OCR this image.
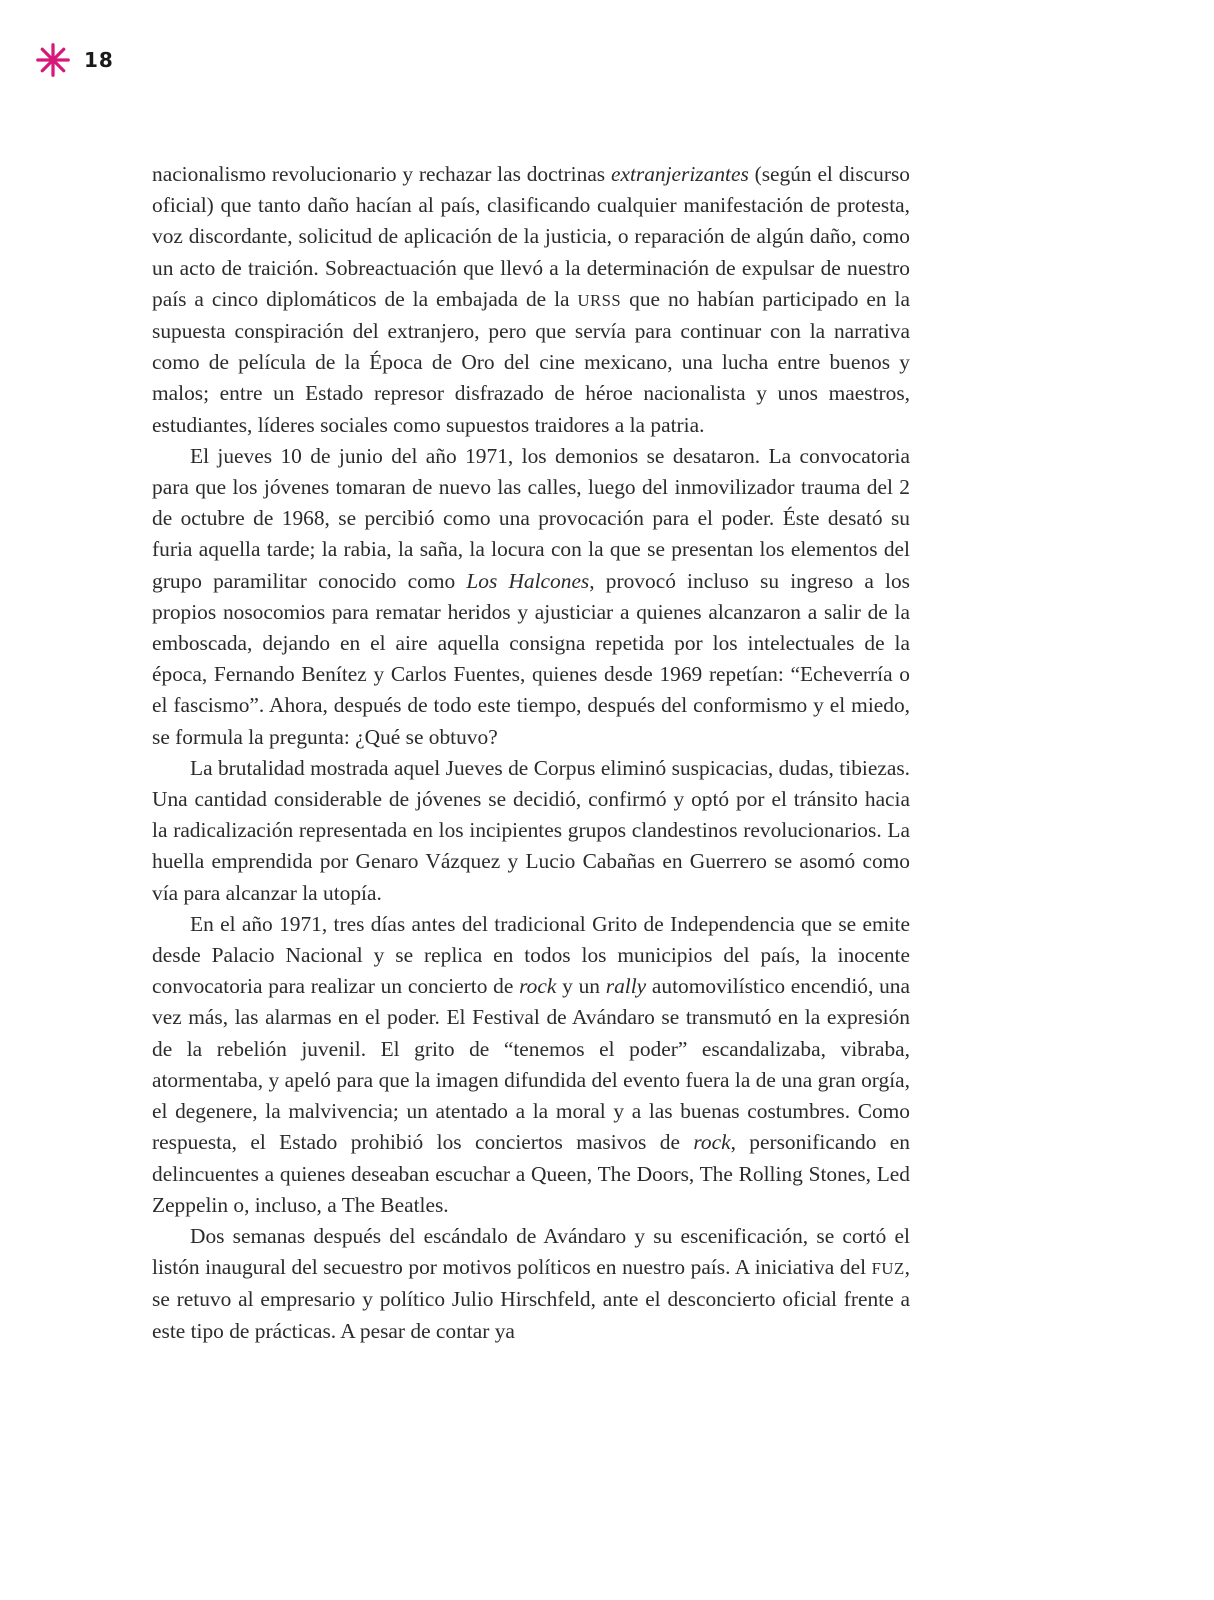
18

nacionalismo revolucionario y rechazar las doctrinas extranjerizantes (según el discurso oficial) que tanto daño hacían al país, clasificando cualquier manifestación de protesta, voz discordante, solicitud de aplicación de la justicia, o reparación de algún daño, como un acto de traición. Sobreactuación que llevó a la determinación de expulsar de nuestro país a cinco diplomáticos de la embajada de la URSS que no habían participado en la supuesta conspiración del extranjero, pero que servía para continuar con la narrativa como de película de la Época de Oro del cine mexicano, una lucha entre buenos y malos; entre un Estado represor disfrazado de héroe nacionalista y unos maestros, estudiantes, líderes sociales como supuestos traidores a la patria.

El jueves 10 de junio del año 1971, los demonios se desataron. La convocatoria para que los jóvenes tomaran de nuevo las calles, luego del inmovilizador trauma del 2 de octubre de 1968, se percibió como una provocación para el poder. Éste desató su furia aquella tarde; la rabia, la saña, la locura con la que se presentan los elementos del grupo paramilitar conocido como Los Halcones, provocó incluso su ingreso a los propios nosocomios para rematar heridos y ajusticiar a quienes alcanzaron a salir de la emboscada, dejando en el aire aquella consigna repetida por los intelectuales de la época, Fernando Benítez y Carlos Fuentes, quienes desde 1969 repetían: “Echeverría o el fascismo”. Ahora, después de todo este tiempo, después del conformismo y el miedo, se formula la pregunta: ¿Qué se obtuvo?

La brutalidad mostrada aquel Jueves de Corpus eliminó suspicacias, dudas, tibiezas. Una cantidad considerable de jóvenes se decidió, confirmó y optó por el tránsito hacia la radicalización representada en los incipientes grupos clandestinos revolucionarios. La huella emprendida por Genaro Vázquez y Lucio Cabañas en Guerrero se asomó como vía para alcanzar la utopía.

En el año 1971, tres días antes del tradicional Grito de Independencia que se emite desde Palacio Nacional y se replica en todos los municipios del país, la inocente convocatoria para realizar un concierto de rock y un rally automovilístico encendió, una vez más, las alarmas en el poder. El Festival de Avándaro se transmutó en la expresión de la rebelión juvenil. El grito de “tenemos el poder” escandalizaba, vibraba, atormentaba, y apeló para que la imagen difundida del evento fuera la de una gran orgía, el degenere, la malvivencia; un atentado a la moral y a las buenas costumbres. Como respuesta, el Estado prohibió los conciertos masivos de rock, personificando en delincuentes a quienes deseaban escuchar a Queen, The Doors, The Rolling Stones, Led Zeppelin o, incluso, a The Beatles.

Dos semanas después del escándalo de Avándaro y su escenificación, se cortó el listón inaugural del secuestro por motivos políticos en nuestro país. A iniciativa del FUZ, se retuvo al empresario y político Julio Hirschfeld, ante el desconcierto oficial frente a este tipo de prácticas. A pesar de contar ya
